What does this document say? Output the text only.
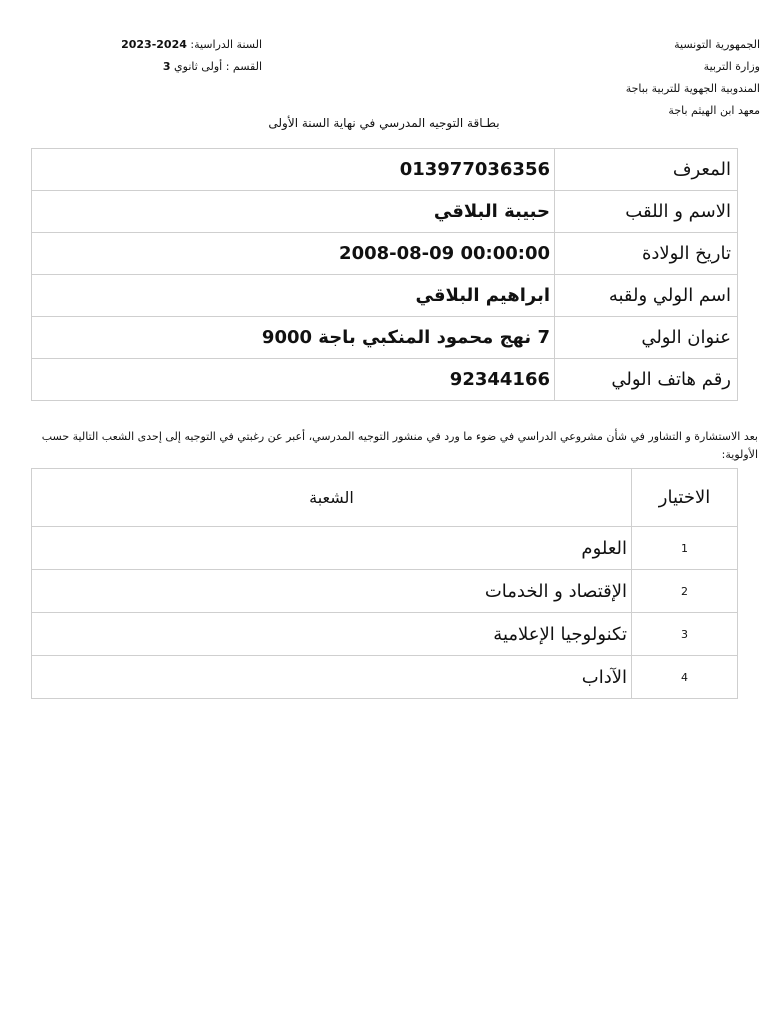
الجمهورية التونسية
وزارة التربية
المندوبية الجهوية للتربية بباجة
معهد ابن الهيثم باجة
السنة الدراسية: 2023-2024
القسم : أولى ثانوي 3
بطـاقة التوجيه المدرسي في نهاية السنة الأولى
المعرف	013977036356
الاسم و اللقب	حبيبة البلاقي
تاريخ الولادة	2008-08-09 00:00:00
اسم الولي ولقبه	ابراهيم البلاقي
عنوان الولي	7 نهج محمود المنكبي باجة 9000
رقم هاتف الولي	92344166
بعد الاستشارة و التشاور في شأن مشروعي الدراسي في ضوء ما ورد في منشور التوجيه المدرسي، أعبر عن رغبتي في التوجيه إلى إحدى الشعب التالية حسب الأولوية:
الاختيار	الشعبة
1	العلوم
2	الإقتصاد و الخدمات
3	تكنولوجيا الإعلامية
4	الآداب
